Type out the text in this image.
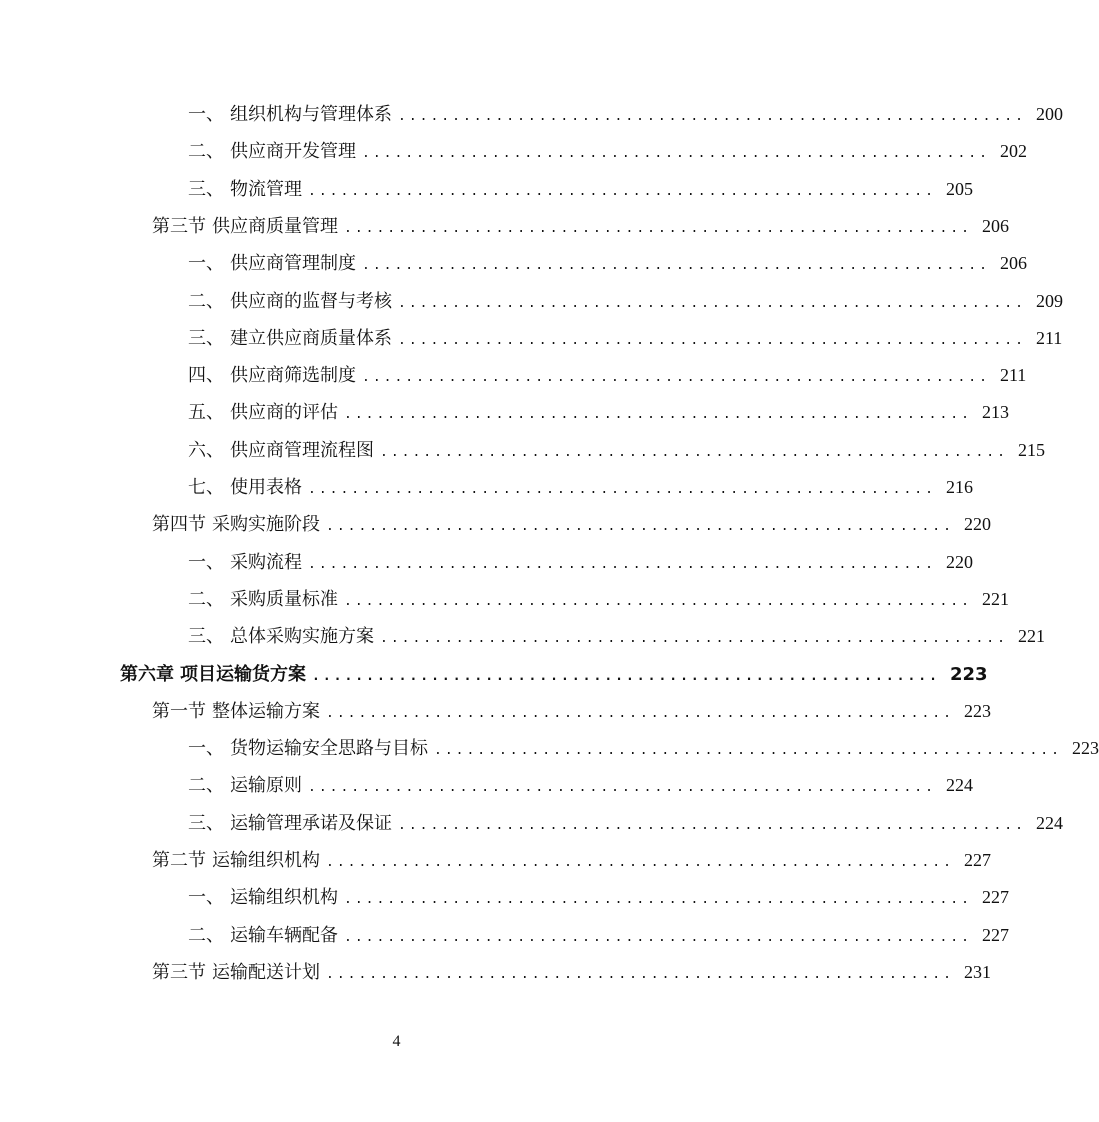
一、 组织机构与管理体系 .......................................................... 200
二、 供应商开发管理 .......................................................... 202
三、 物流管理 .......................................................... 205
第三节 供应商质量管理 .......................................................... 206
一、 供应商管理制度 .......................................................... 206
二、 供应商的监督与考核 .......................................................... 209
三、 建立供应商质量体系 .......................................................... 211
四、 供应商筛选制度 .......................................................... 211
五、 供应商的评估 .......................................................... 213
六、 供应商管理流程图 .......................................................... 215
七、 使用表格 .......................................................... 216
第四节 采购实施阶段 .......................................................... 220
一、 采购流程 .......................................................... 220
二、 采购质量标准 .......................................................... 221
三、 总体采购实施方案 .......................................................... 221
第六章 项目运输货方案 .......................................................... 223
第一节 整体运输方案 .......................................................... 223
一、 货物运输安全思路与目标 .......................................................... 223
二、 运输原则 .......................................................... 224
三、 运输管理承诺及保证 .......................................................... 224
第二节 运输组织机构 .......................................................... 227
一、 运输组织机构 .......................................................... 227
二、 运输车辆配备 .......................................................... 227
第三节 运输配送计划 .......................................................... 231
4
